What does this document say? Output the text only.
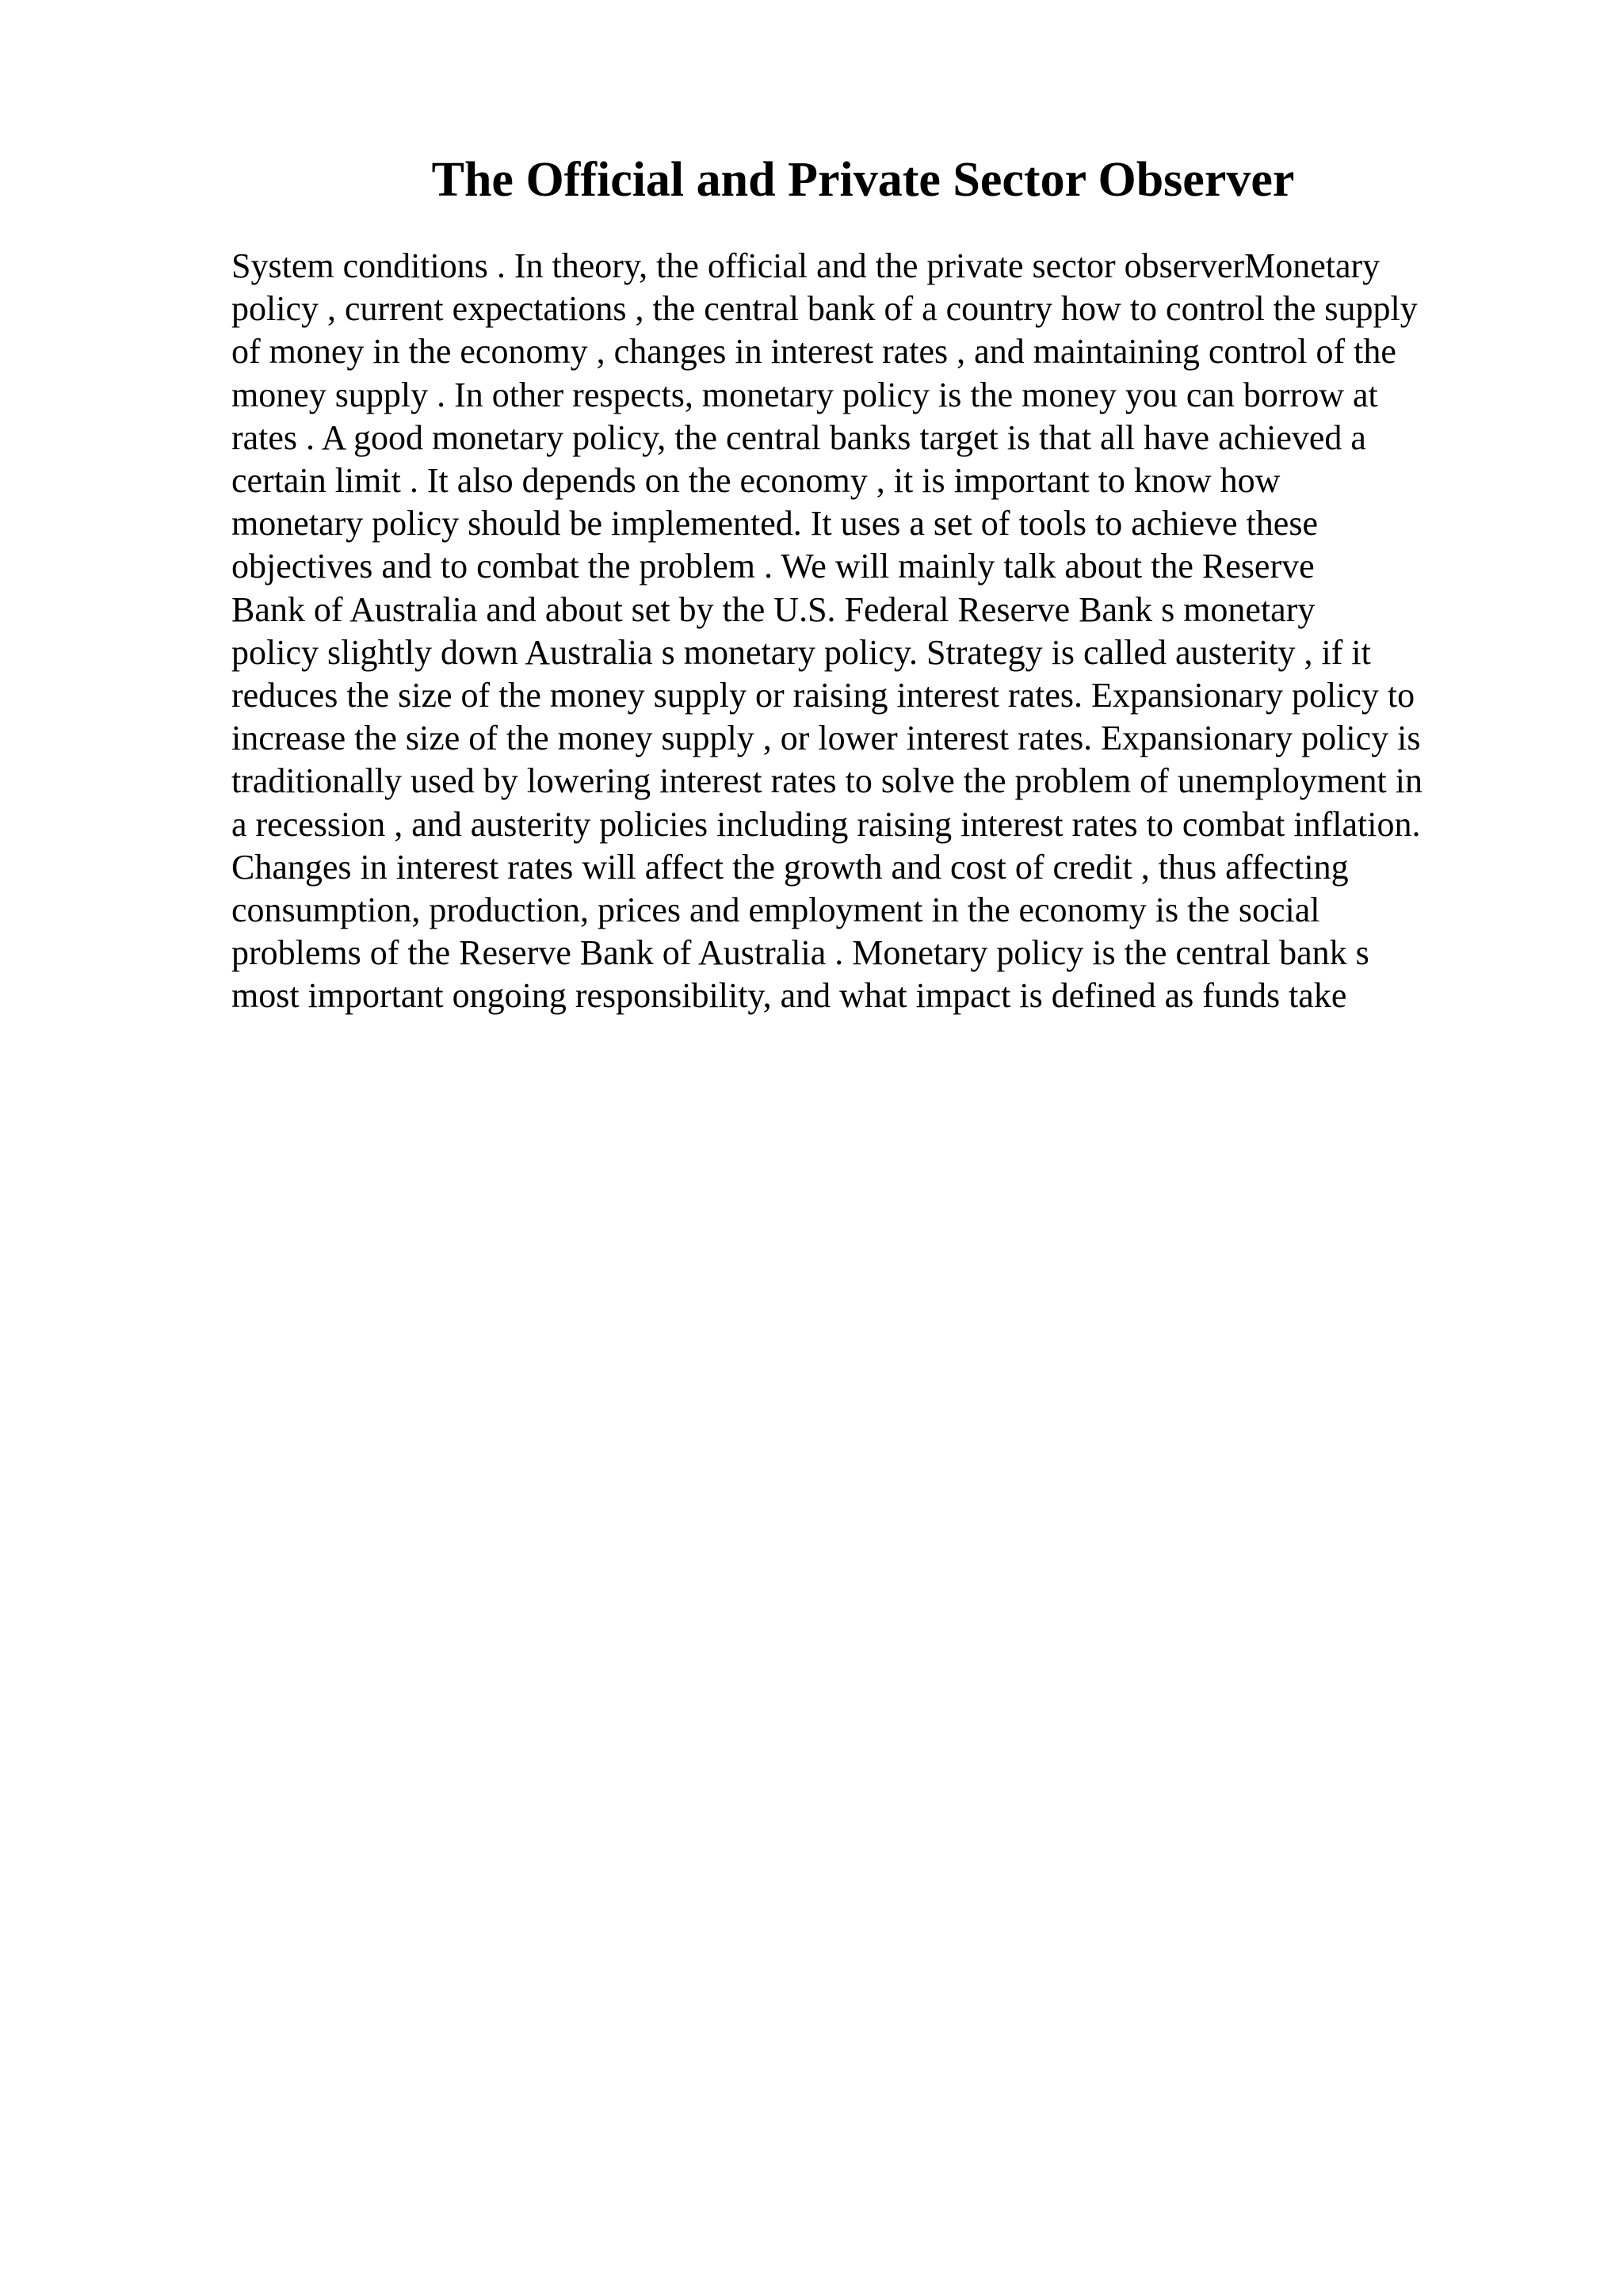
The Official and Private Sector Observer
System conditions . In theory, the official and the private sector observerMonetary
policy , current expectations , the central bank of a country how to control the supply
of money in the economy , changes in interest rates , and maintaining control of the
money supply . In other respects, monetary policy is the money you can borrow at
rates . A good monetary policy, the central banks target is that all have achieved a
certain limit . It also depends on the economy , it is important to know how
monetary policy should be implemented. It uses a set of tools to achieve these
objectives and to combat the problem . We will mainly talk about the Reserve
Bank of Australia and about set by the U.S. Federal Reserve Bank s monetary
policy slightly down Australia s monetary policy. Strategy is called austerity , if it
reduces the size of the money supply or raising interest rates. Expansionary policy to
increase the size of the money supply , or lower interest rates. Expansionary policy is
traditionally used by lowering interest rates to solve the problem of unemployment in
a recession , and austerity policies including raising interest rates to combat inflation.
Changes in interest rates will affect the growth and cost of credit , thus affecting
consumption, production, prices and employment in the economy is the social
problems of the Reserve Bank of Australia . Monetary policy is the central bank s
most important ongoing responsibility, and what impact is defined as funds take
